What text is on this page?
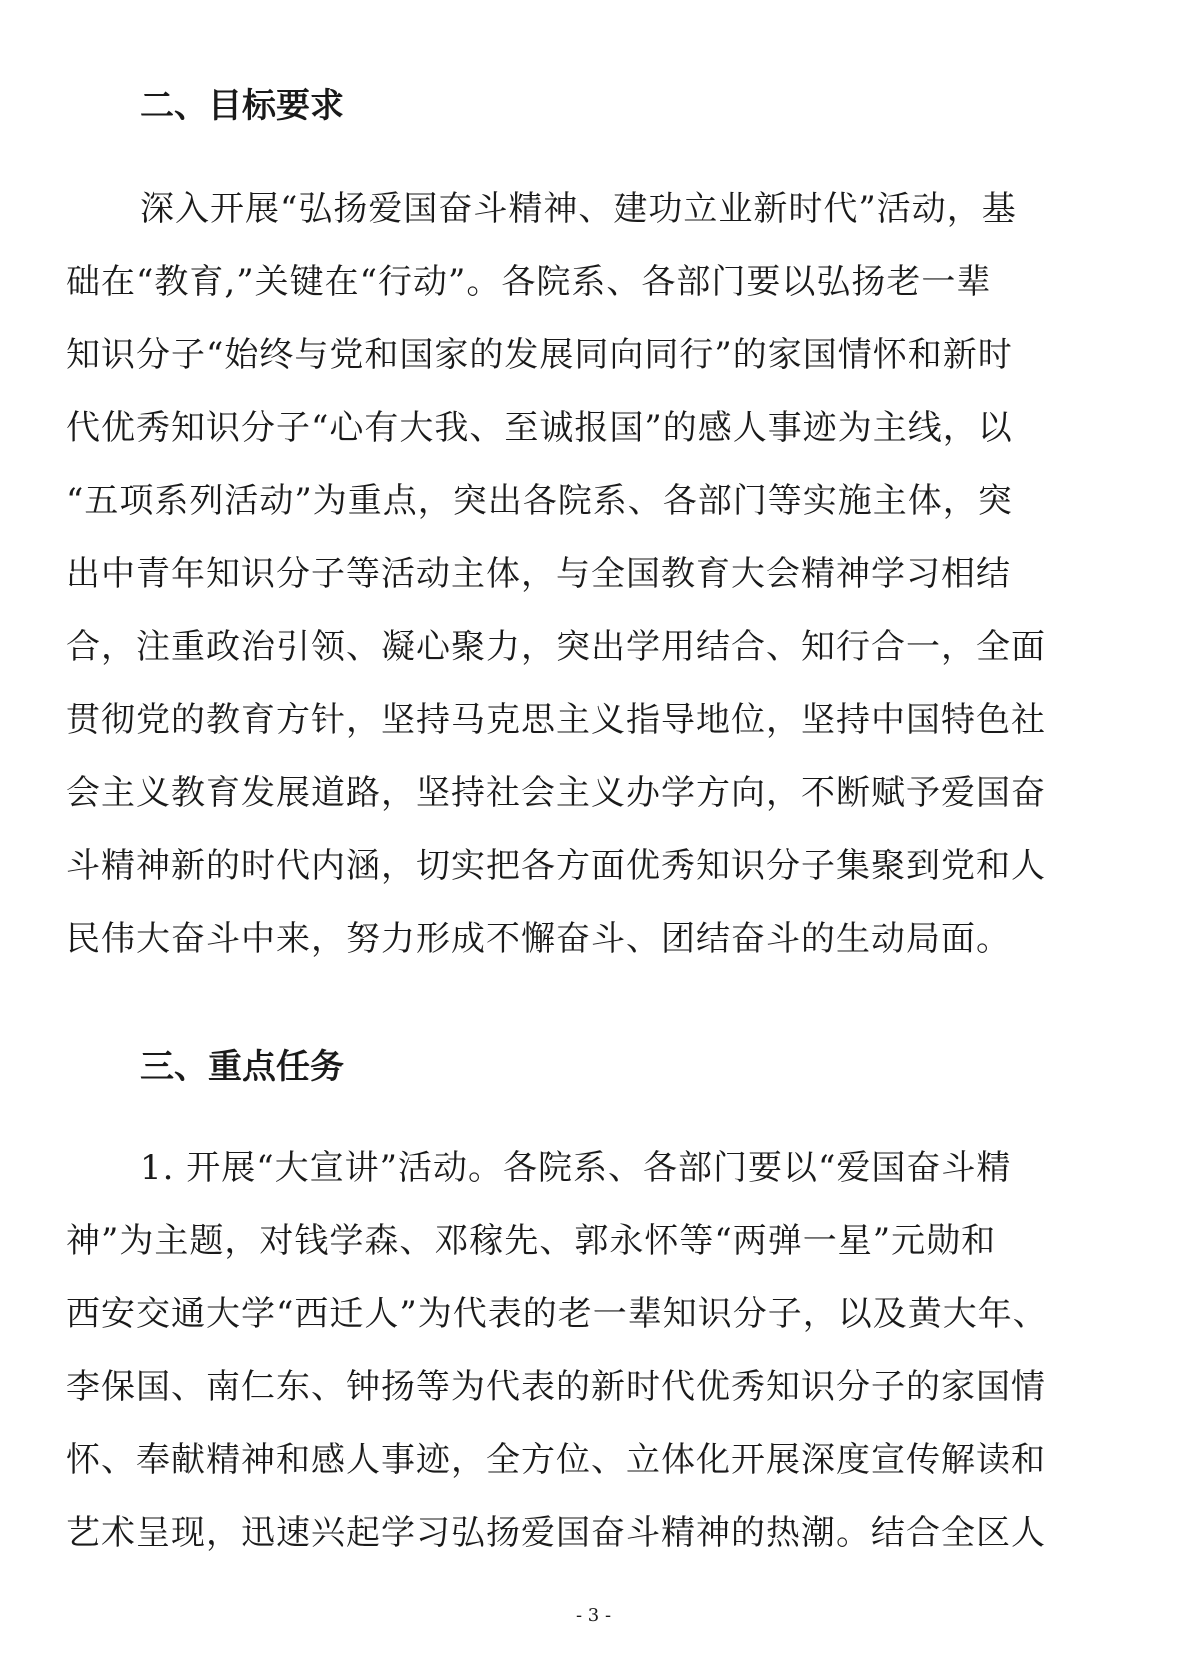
二、目标要求
深入开展“弘扬爱国奋斗精神、建功立业新时代”活动，基
础在“教育,”关键在“行动”。各院系、各部门要以弘扬老一辈
知识分子“始终与党和国家的发展同向同行”的家国情怀和新时
代优秀知识分子“心有大我、至诚报国”的感人事迹为主线，以
“五项系列活动”为重点，突出各院系、各部门等实施主体，突
出中青年知识分子等活动主体，与全国教育大会精神学习相结
合，注重政治引领、凝心聚力，突出学用结合、知行合一，全面
贯彻党的教育方针，坚持马克思主义指导地位，坚持中国特色社
会主义教育发展道路，坚持社会主义办学方向，不断赋予爱国奋
斗精神新的时代内涵，切实把各方面优秀知识分子集聚到党和人
民伟大奋斗中来，努力形成不懈奋斗、团结奋斗的生动局面。
三、重点任务
1. 开展“大宣讲”活动。各院系、各部门要以“爱国奋斗精
神”为主题，对钱学森、邓稼先、郭永怀等“两弹一星”元勋和
西安交通大学“西迁人”为代表的老一辈知识分子，以及黄大年、
李保国、南仁东、钟扬等为代表的新时代优秀知识分子的家国情
怀、奉献精神和感人事迹，全方位、立体化开展深度宣传解读和
艺术呈现，迅速兴起学习弘扬爱国奋斗精神的热潮。结合全区人
- 3 -
